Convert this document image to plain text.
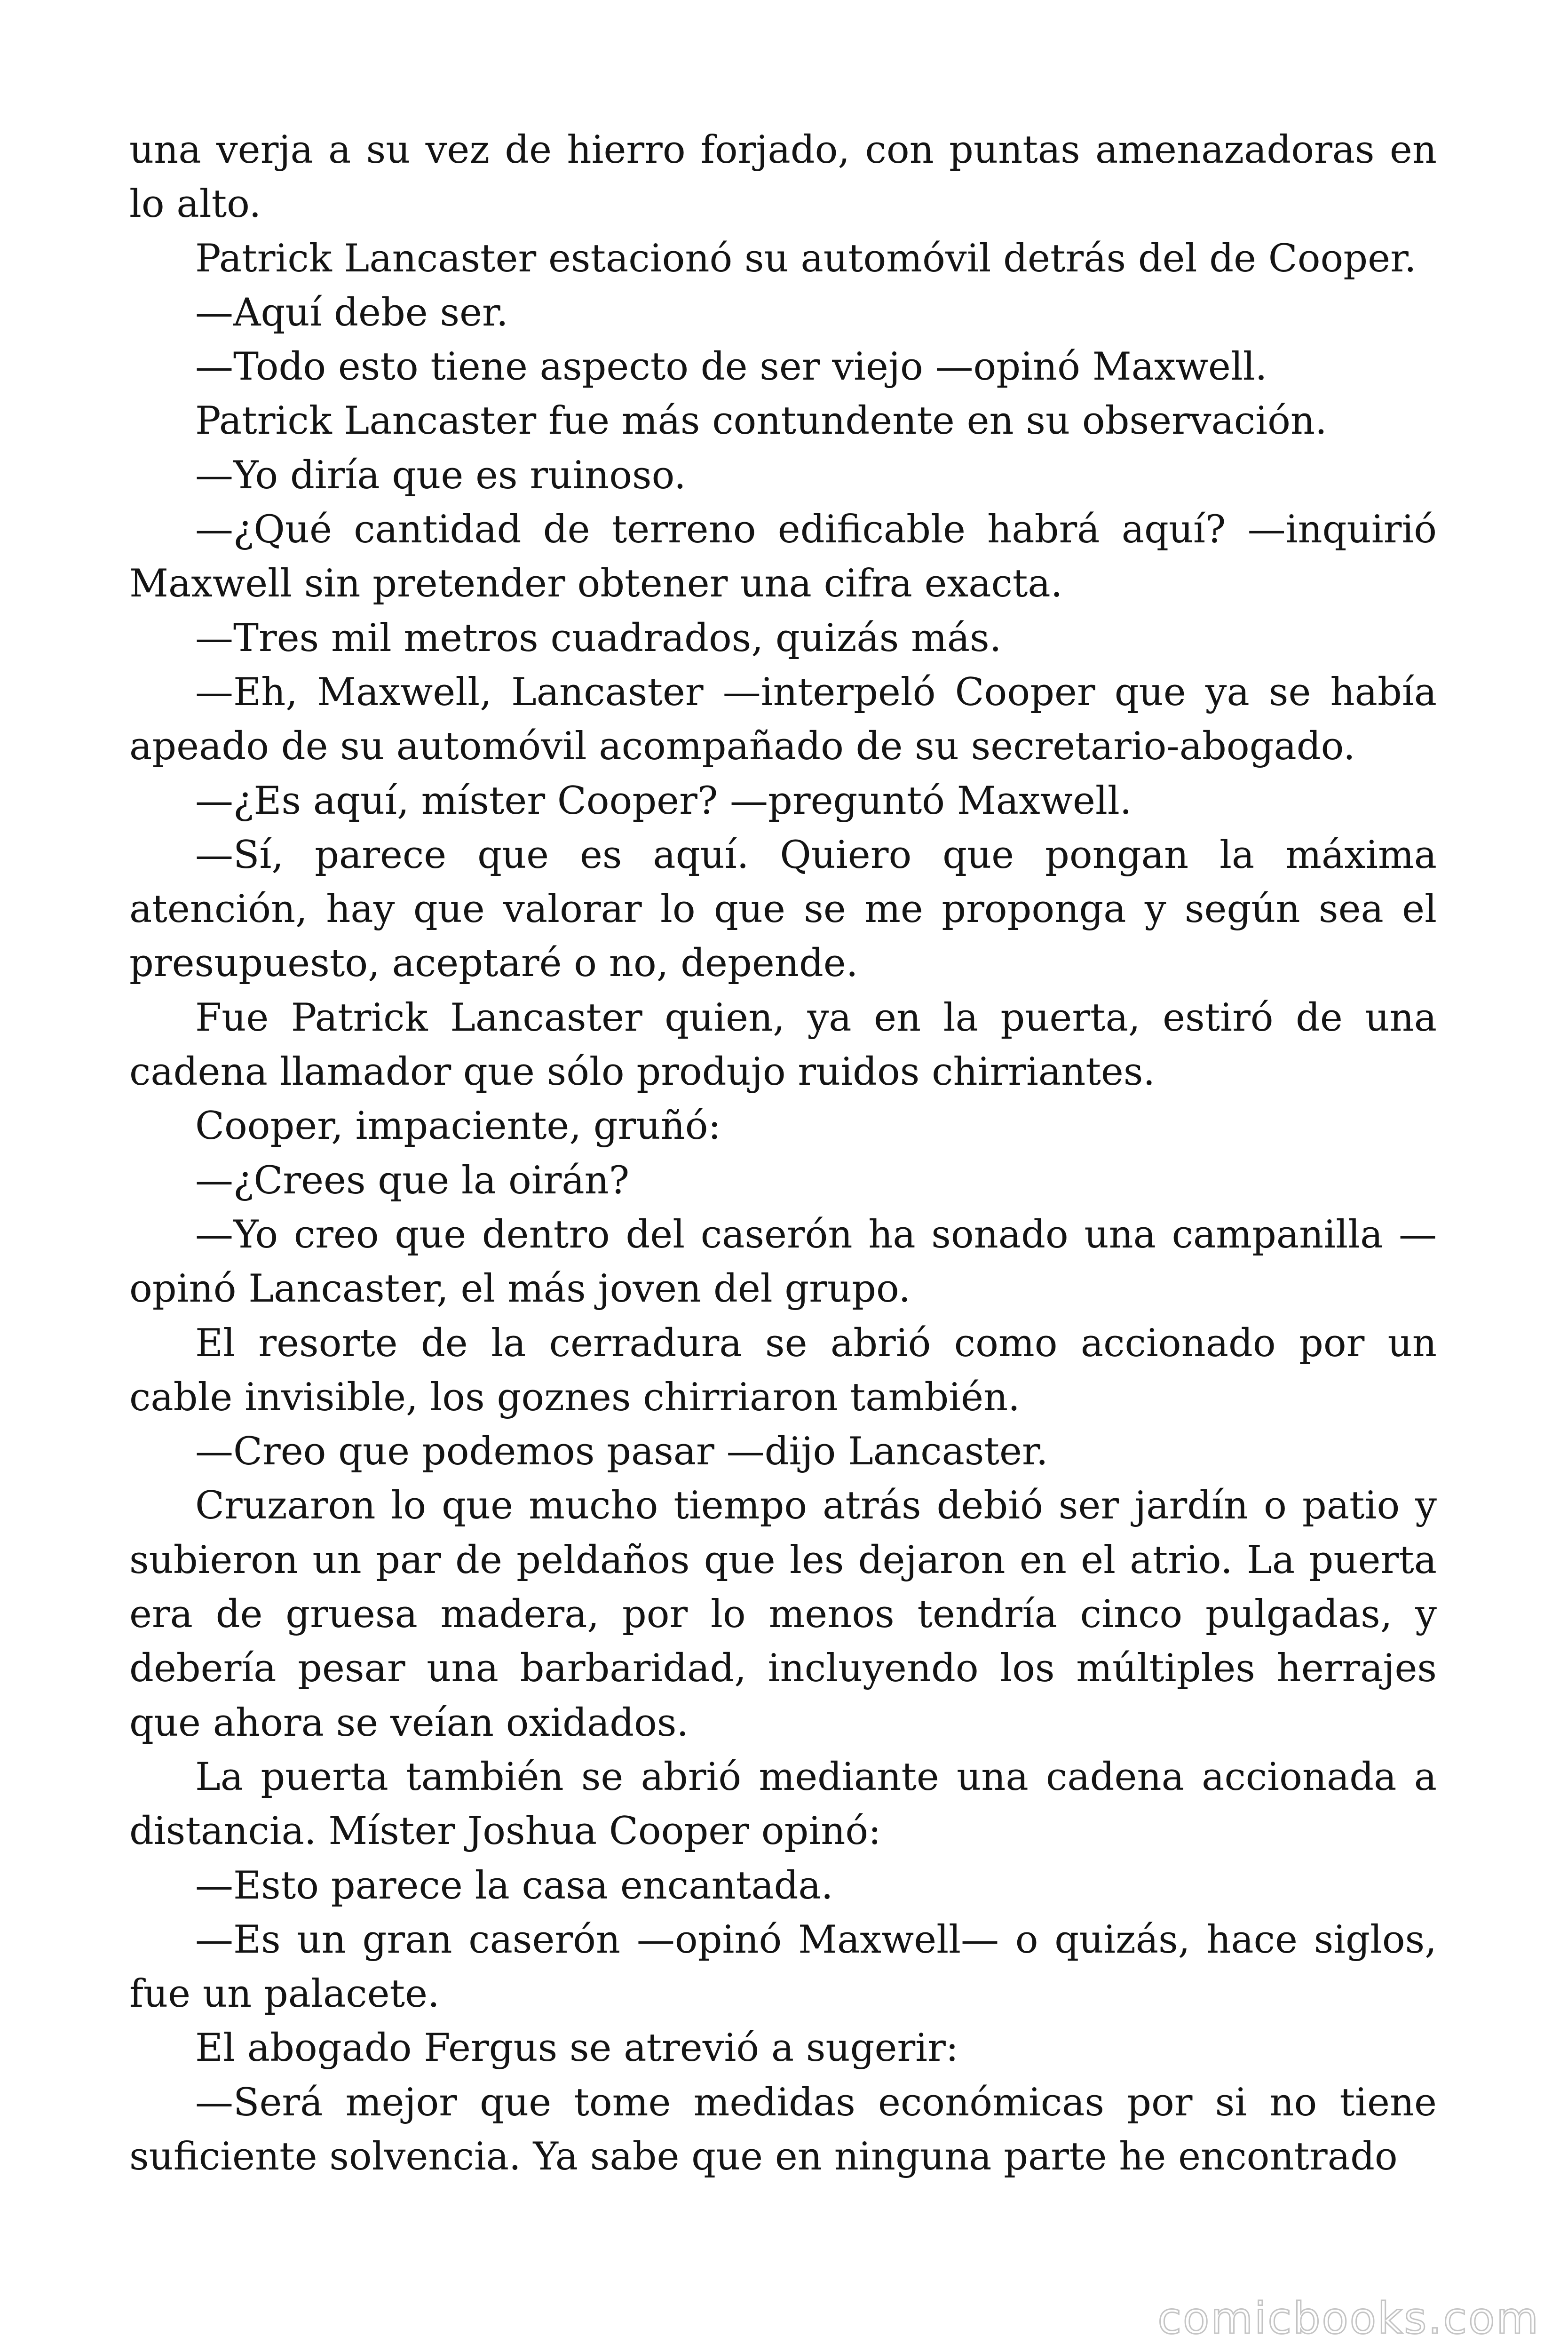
una verja a su vez de hierro forjado, con puntas amenazadoras en lo alto.

Patrick Lancaster estacionó su automóvil detrás del de Cooper.

—Aquí debe ser.

—Todo esto tiene aspecto de ser viejo —opinó Maxwell.

Patrick Lancaster fue más contundente en su observación.

—Yo diría que es ruinoso.

—¿Qué cantidad de terreno edificable habrá aquí? —inquirió Maxwell sin pretender obtener una cifra exacta.

—Tres mil metros cuadrados, quizás más.

—Eh, Maxwell, Lancaster —interpeló Cooper que ya se había apeado de su automóvil acompañado de su secretario-abogado.

—¿Es aquí, míster Cooper? —preguntó Maxwell.

—Sí, parece que es aquí. Quiero que pongan la máxima atención, hay que valorar lo que se me proponga y según sea el presupuesto, aceptaré o no, depende.

Fue Patrick Lancaster quien, ya en la puerta, estiró de una cadena llamador que sólo produjo ruidos chirriantes.

Cooper, impaciente, gruñó:

—¿Crees que la oirán?

—Yo creo que dentro del caserón ha sonado una campanilla —opinó Lancaster, el más joven del grupo.

El resorte de la cerradura se abrió como accionado por un cable invisible, los goznes chirriaron también.

—Creo que podemos pasar —dijo Lancaster.

Cruzaron lo que mucho tiempo atrás debió ser jardín o patio y subieron un par de peldaños que les dejaron en el atrio. La puerta era de gruesa madera, por lo menos tendría cinco pulgadas, y debería pesar una barbaridad, incluyendo los múltiples herrajes que ahora se veían oxidados.

La puerta también se abrió mediante una cadena accionada a distancia. Míster Joshua Cooper opinó:

—Esto parece la casa encantada.

—Es un gran caserón —opinó Maxwell— o quizás, hace siglos, fue un palacete.

El abogado Fergus se atrevió a sugerir:

—Será mejor que tome medidas económicas por si no tiene suficiente solvencia. Ya sabe que en ninguna parte he encontrado

comicbooks.com
